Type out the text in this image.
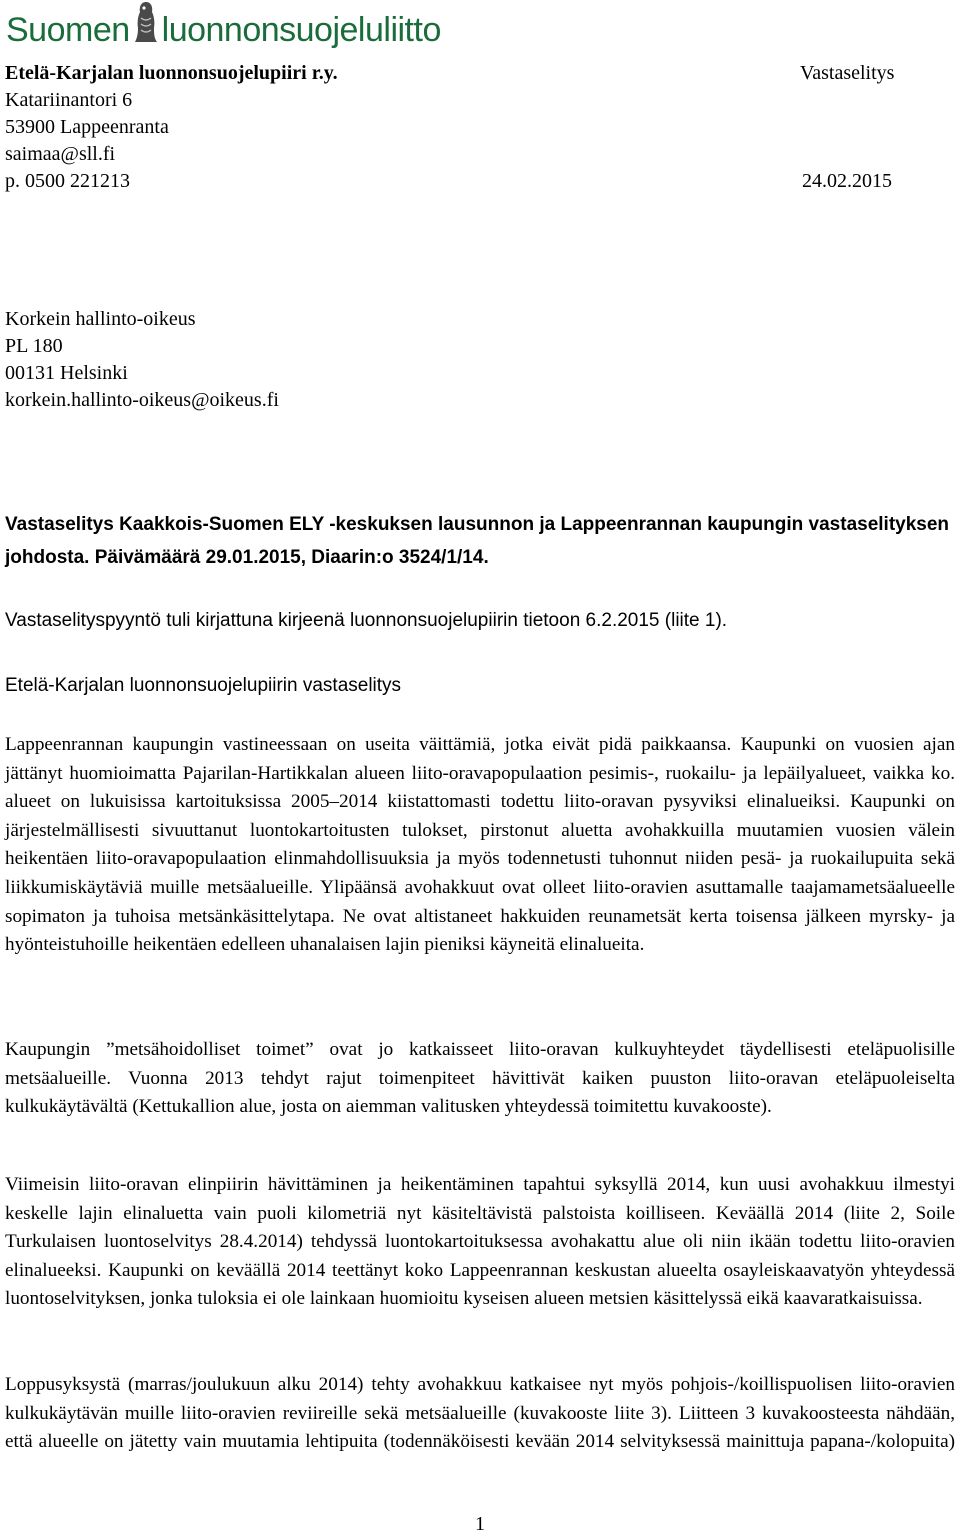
Suomen luonnonsuojeluliitto
Etelä-Karjalan luonnonsuojelupiiri r.y.	Vastaselitys
Katariinantori 6
53900 Lappeenranta
saimaa@sll.fi
p. 0500 221213	24.02.2015
Korkein hallinto-oikeus
PL 180
00131 Helsinki
korkein.hallinto-oikeus@oikeus.fi
Vastaselitys Kaakkois-Suomen ELY -keskuksen lausunnon ja Lappeenrannan kaupungin vastaselityksen johdosta. Päivämäärä 29.01.2015, Diaarin:o 3524/1/14.
Vastaselityspyyntö tuli kirjattuna kirjeenä luonnonsuojelupiirin tietoon 6.2.2015 (liite 1).
Etelä-Karjalan luonnonsuojelupiirin vastaselitys
Lappeenrannan kaupungin vastineessaan on useita väittämiä, jotka eivät pidä paikkaansa. Kaupunki on vuosien ajan jättänyt huomioimatta Pajarilan-Hartikkalan alueen liito-oravapopulaation pesimis-, ruokailu- ja lepäilyalueet, vaikka ko. alueet on lukuisissa kartoituksissa 2005–2014 kiistattomasti todettu liito-oravan pysyviksi elinalueiksi. Kaupunki on järjestelmällisesti sivuuttanut luontokartoitusten tulokset, pirstonut aluetta avohakkuilla muutamien vuosien välein heikentäen liito-oravapopulaation elinmahdollisuuksia ja myös todennetusti tuhonnut niiden pesä- ja ruokailupuita sekä liikkumiskäytäviä muille metsäalueille. Ylipäänsä avohakkuut ovat olleet liito-oravien asuttamalle taajamametsäalueelle sopimaton ja tuhoisa metsänkäsittelytapa. Ne ovat altistaneet hakkuiden reunametsät kerta toisensa jälkeen myrsky- ja hyönteistuhoille heikentäen edelleen uhanalaisen lajin pieniksi käyneitä elinalueita.
Kaupungin ”metsähoidolliset toimet” ovat jo katkaisseet liito-oravan kulkuyhteydet täydellisesti eteläpuolisille metsäalueille. Vuonna 2013 tehdyt rajut toimenpiteet hävittivät kaiken puuston liito-oravan eteläpuoleiselta kulkukäytävältä (Kettukallion alue, josta on aiemman valitusken yhteydessä toimitettu kuvakooste).
Viimeisin liito-oravan elinpiirin hävittäminen ja heikentäminen tapahtui syksyllä 2014, kun uusi avohakkuu ilmestyi keskelle lajin elinaluetta vain puoli kilometriä nyt käsiteltävistä palstoista koilliseen. Keväällä 2014 (liite 2, Soile Turkulaisen luontoselvitys 28.4.2014) tehdyssä luontokartoituksessa avohakattu alue oli niin ikään todettu liito-oravien elinalueeksi. Kaupunki on keväällä 2014 teettänyt koko Lappeenrannan keskustan alueelta osayleiskaavatyön yhteydessä luontoselvityksen, jonka tuloksia ei ole lainkaan huomioitu kyseisen alueen metsien käsittelyssä eikä kaavaratkaisuissa.
Loppusyksystä (marras/joulukuun alku 2014) tehty avohakkuu katkaisee nyt myös pohjois-/koillispuolisen liito-oravien kulkukäytävän muille liito-oravien reviireille sekä metsäalueille (kuvakooste liite 3). Liitteen 3 kuvakoosteesta nähdään, että alueelle on jätetty vain muutamia lehtipuita (todennäköisesti kevään 2014 selvityksessä mainittuja papana-/kolopuita)
1
